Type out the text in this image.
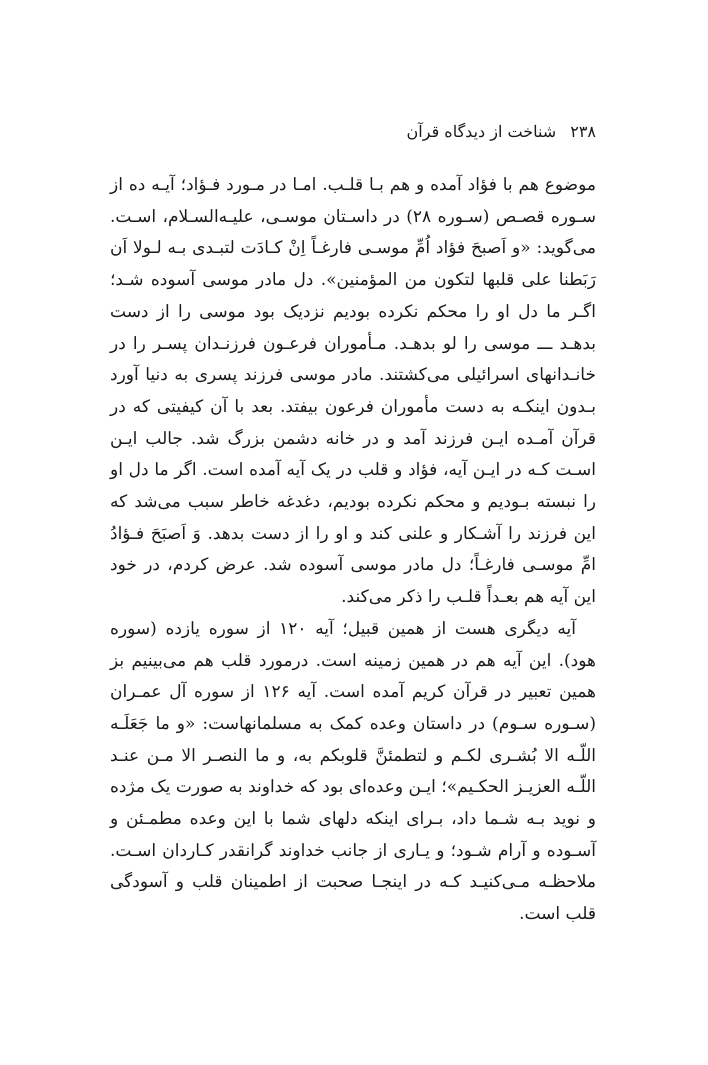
۲۳۸شناخت از دیدگاه قرآن

موضوع هم با فؤاد آمده و هم بـا قلـب. امـا در مـورد فـؤاد؛ آیـه ده از سـوره قصـص (سـوره ۲۸) در داسـتان موسـی، علیـه‌السـلام، اسـت. می‌گوید: «و اَصبحَ فؤاد اُمِّ موسـی فارغـاً اِنْ کـادَت لتبـدی بـه لـولا اَن رَبَطنا علی قلبها لتکون من المؤمنین». دل مادر موسی آسوده شـد؛ اگـر ما دل او را محکم نکرده بودیم نزدیک بود موسی را از دست بدهـد ـــ موسی را لو بدهـد. مـأموران فرعـون فرزنـدان پسـر را در خانـدانهای اسرائیلی می‌کشتند. مادر موسی فرزند پسری به دنیا آورد بـدون اینکـه به دست مأموران فرعون بیفتد. بعد با آن کیفیتی که در قرآن آمـده ایـن فرزند آمد و در خانه دشمن بزرگ شد. جالب ایـن اسـت کـه در ایـن آیه، فؤاد و قلب در یک آیه آمده است. اگر ما دل او را نبسته بـودیم و محکم نکرده بودیم، دغدغه خاطر سبب می‌شد که این فرزند را آشـکار و علنی کند و او را از دست بدهد. وَ اَصبَحَ فـؤادُ امِّ موسـی فارغـاً؛ دل مادر موسی آسوده شد. عرض کردم، در خود این آیه هم بعـداً قلـب را ذکر می‌کند.

آیه دیگری هست از همین قبیل؛ آیه ۱۲۰ از سوره یازده (سوره هود). این آیه هم در همین زمینه است. درمورد قلب هم می‌بینیم بز همین تعبیر در قرآن کریم آمده است. آیه ۱۲۶ از سوره آل عمـران (سـوره سـوم) در داستان وعده کمک به مسلمانهاست: «و ما جَعَلَـه اللّـه الا بُشـری لکـم و لتطمئنَّ قلوبکم به، و ما النصـر الا مـن عنـد اللّـه العزیـز الحکـیم»؛ ایـن وعده‌ای بود که خداوند به صورت یک مژده و نوید بـه شـما داد، بـرای اینکه دلهای شما با این وعده مطمـئن و آسـوده و آرام شـود؛ و یـاری از جانب خداوند گرانقدر کـاردان اسـت. ملاحظـه مـی‌کنیـد کـه در اینجـا صحبت از اطمینان قلب و آسودگی قلب است.
